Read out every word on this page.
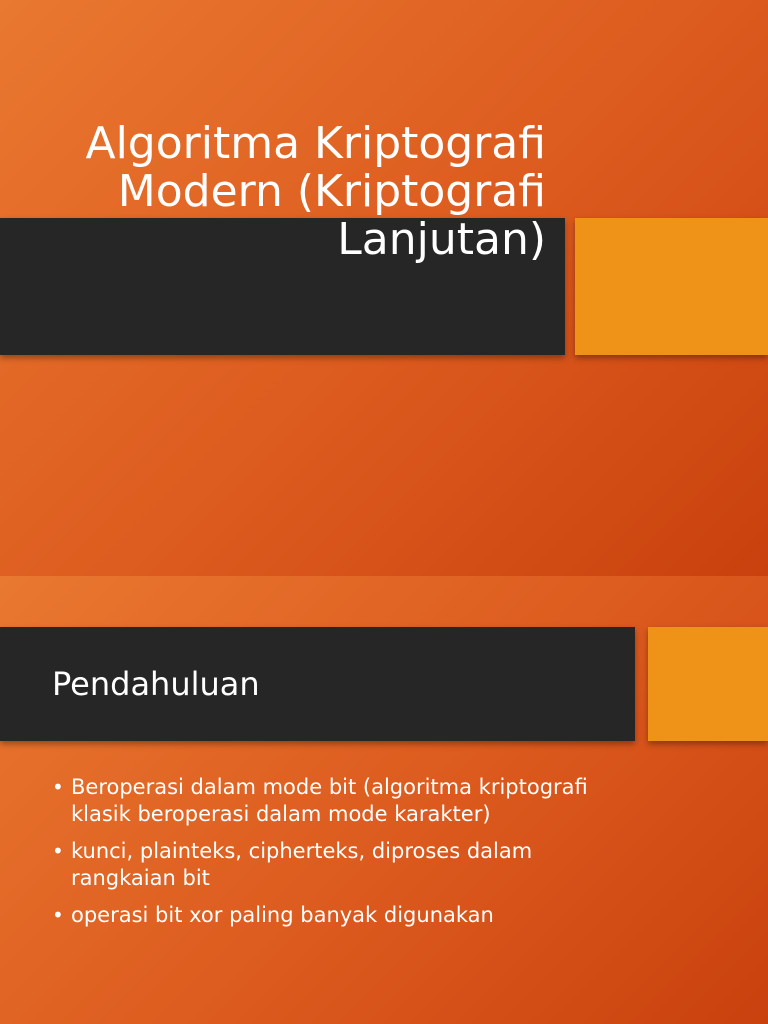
Algoritma Kriptografi Modern (Kriptografi Lanjutan)
Pendahuluan
• Beroperasi dalam mode bit (algoritma kriptografi klasik beroperasi dalam mode karakter)
• kunci, plainteks, cipherteks, diproses dalam rangkaian bit
• operasi bit xor paling banyak digunakan
